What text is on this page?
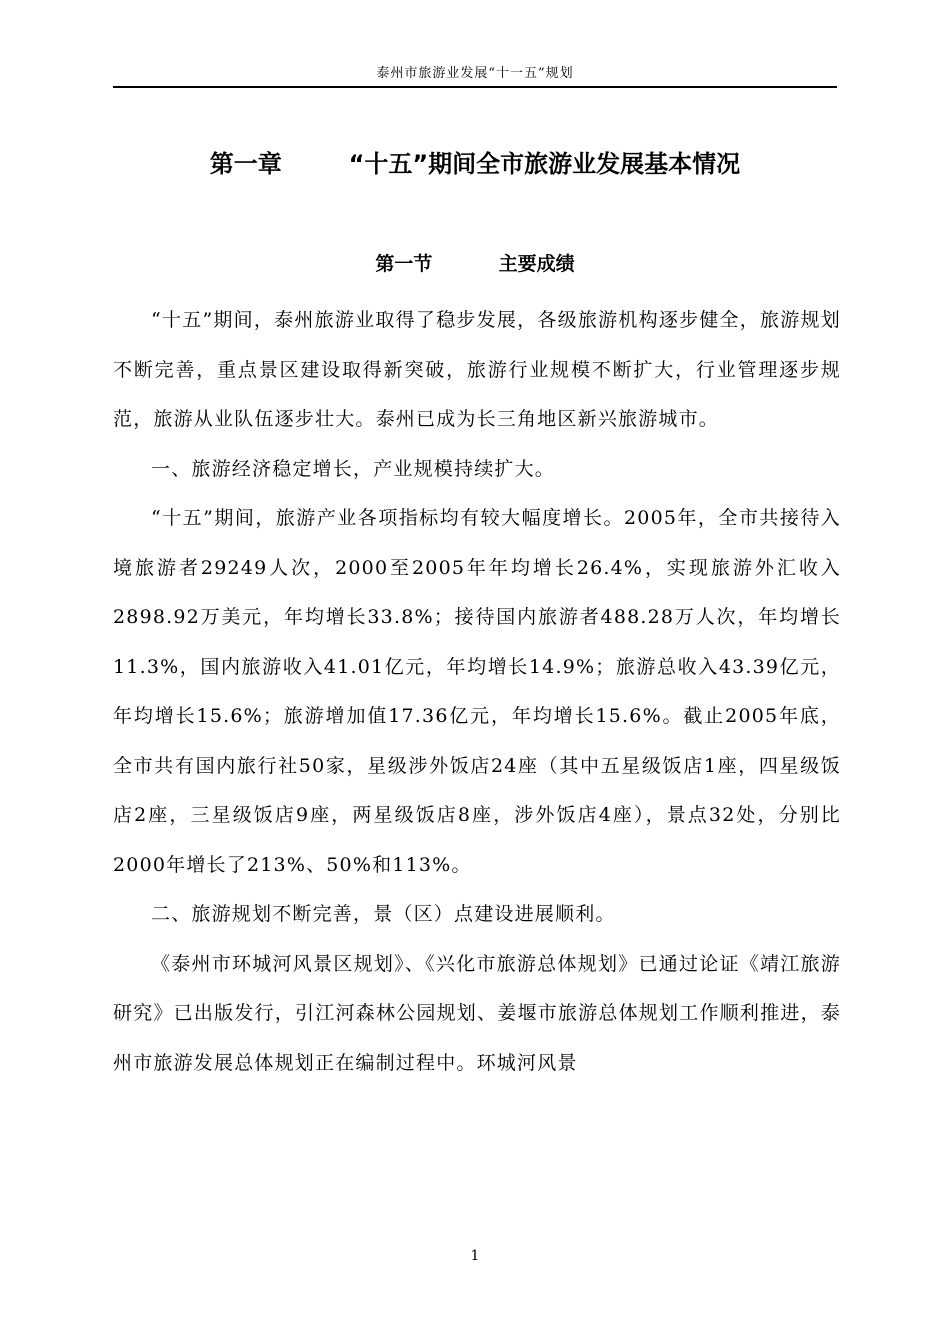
泰州市旅游业发展“十一五”规划
第一章        “十五”期间全市旅游业发展基本情况
第一节          主要成绩

“十五”期间，泰州旅游业取得了稳步发展，各级旅游机构逐步健全，旅游规划不断完善，重点景区建设取得新突破，旅游行业规模不断扩大，行业管理逐步规范，旅游从业队伍逐步壮大。泰州已成为长三角地区新兴旅游城市。

一、旅游经济稳定增长，产业规模持续扩大。

“十五”期间，旅游产业各项指标均有较大幅度增长。2005年，全市共接待入境旅游者29249人次，2000至2005年年均增长26.4%，实现旅游外汇收入2898.92万美元，年均增长33.8%；接待国内旅游者488.28万人次，年均增长11.3%，国内旅游收入41.01亿元，年均增长14.9%；旅游总收入43.39亿元，年均增长15.6%；旅游增加值17.36亿元，年均增长15.6%。截止2005年底，全市共有国内旅行社50家，星级涉外饭店24座（其中五星级饭店1座，四星级饭店2座，三星级饭店9座，两星级饭店8座，涉外饭店4座），景点32处，分别比2000年增长了213%、50%和113%。

二、旅游规划不断完善，景（区）点建设进展顺利。

《泰州市环城河风景区规划》、《兴化市旅游总体规划》已通过论证《靖江旅游研究》已出版发行，引江河森林公园规划、姜堰市旅游总体规划工作顺利推进，泰州市旅游发展总体规划正在编制过程中。环城河风景

1
